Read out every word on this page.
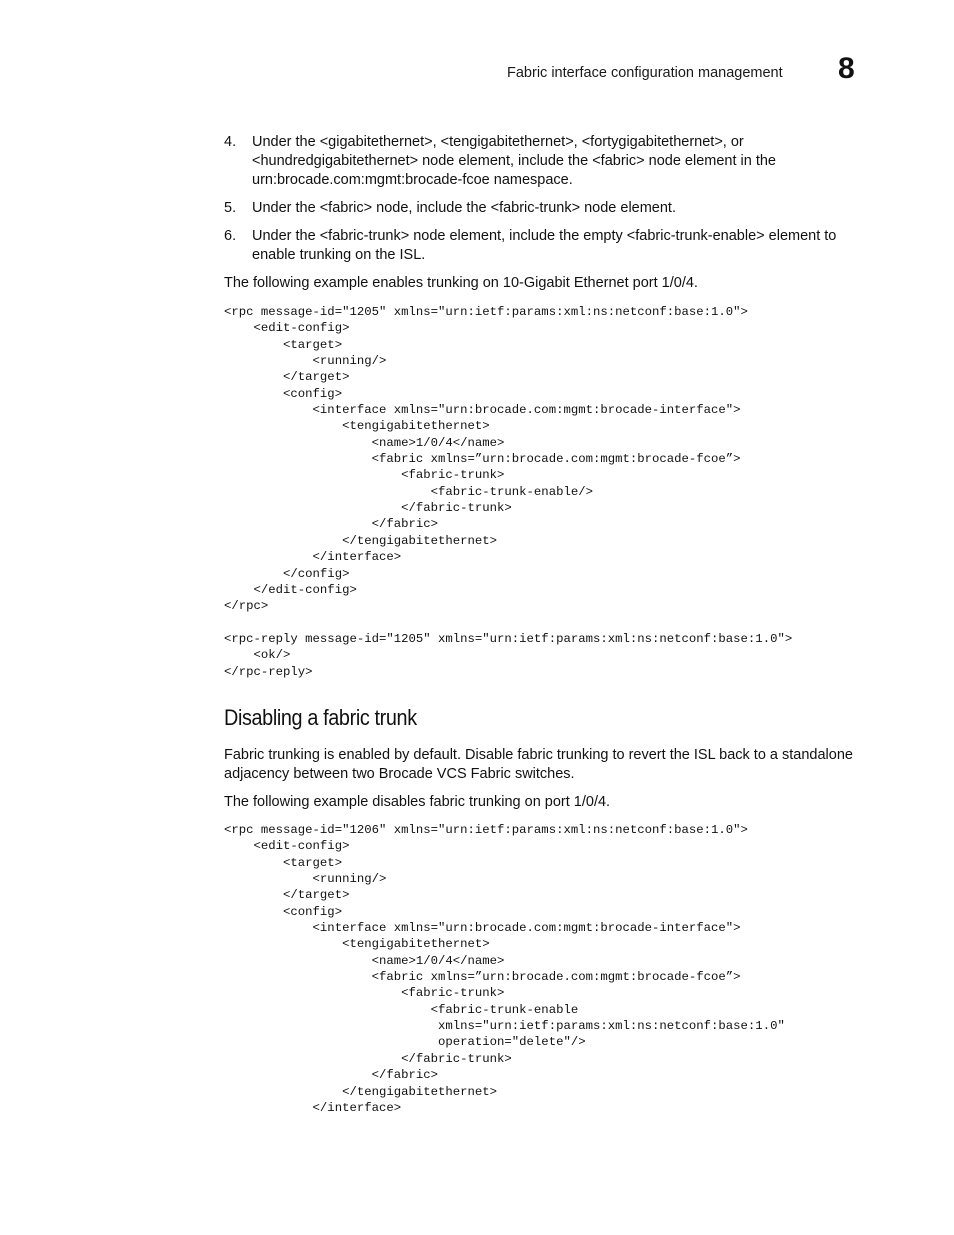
Fabric interface configuration management 8
4. Under the <gigabitethernet>, <tengigabitethernet>, <fortygigabitethernet>, or <hundredgigabitethernet> node element, include the <fabric> node element in the urn:brocade.com:mgmt:brocade-fcoe namespace.
5. Under the <fabric> node, include the <fabric-trunk> node element.
6. Under the <fabric-trunk> node element, include the empty <fabric-trunk-enable> element to enable trunking on the ISL.

The following example enables trunking on 10-Gigabit Ethernet port 1/0/4.

<rpc message-id="1205" xmlns="urn:ietf:params:xml:ns:netconf:base:1.0">
<edit-config>
<target>
<running/>
</target>
<config>
<interface xmlns="urn:brocade.com:mgmt:brocade-interface">
<tengigabitethernet>
<name>1/0/4</name>
<fabric xmlns=”urn:brocade.com:mgmt:brocade-fcoe”>
<fabric-trunk>
<fabric-trunk-enable/>
</fabric-trunk>
</fabric>
</tengigabitethernet>
</interface>
</config>
</edit-config>
</rpc>

<rpc-reply message-id="1205" xmlns="urn:ietf:params:xml:ns:netconf:base:1.0">
<ok/>
</rpc-reply>
Disabling a fabric trunk

Fabric trunking is enabled by default. Disable fabric trunking to revert the ISL back to a standalone adjacency between two Brocade VCS Fabric switches.

The following example disables fabric trunking on port 1/0/4.

<rpc message-id="1206" xmlns="urn:ietf:params:xml:ns:netconf:base:1.0">
<edit-config>
<target>
<running/>
</target>
<config>
<interface xmlns="urn:brocade.com:mgmt:brocade-interface">
<tengigabitethernet>
<name>1/0/4</name>
<fabric xmlns=”urn:brocade.com:mgmt:brocade-fcoe”>
<fabric-trunk>
<fabric-trunk-enable
xmlns="urn:ietf:params:xml:ns:netconf:base:1.0"
operation="delete"/>
</fabric-trunk>
</fabric>
</tengigabitethernet>
</interface>
